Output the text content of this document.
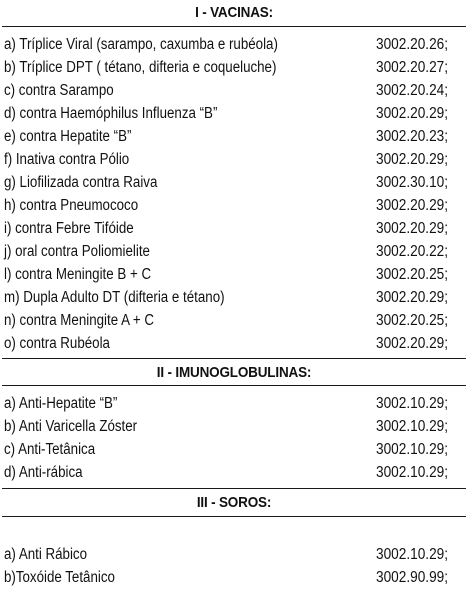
I - VACINAS:
a) Tríplice Viral (sarampo, caxumba e rubéola)	3002.20.26;
b) Tríplice DPT ( tétano, difteria e coqueluche)	3002.20.27;
c) contra Sarampo	3002.20.24;
d) contra Haemóphilus Influenza “B”	3002.20.29;
e) contra Hepatite “B”	3002.20.23;
f) Inativa contra Pólio	3002.20.29;
g) Liofilizada contra Raiva	3002.30.10;
h) contra Pneumococo	3002.20.29;
i) contra Febre Tifóide	3002.20.29;
j) oral contra Poliomielite	3002.20.22;
l) contra Meningite B + C	3002.20.25;
m) Dupla Adulto DT (difteria e tétano)	3002.20.29;
n) contra Meningite A + C	3002.20.25;
o) contra Rubéola	3002.20.29;
II - IMUNOGLOBULINAS:
a) Anti-Hepatite “B”	3002.10.29;
b) Anti Varicella Zóster	3002.10.29;
c) Anti-Tetânica	3002.10.29;
d) Anti-rábica	3002.10.29;
III - SOROS:
a) Anti Rábico	3002.10.29;
b)Toxóide Tetânico	3002.90.99;
